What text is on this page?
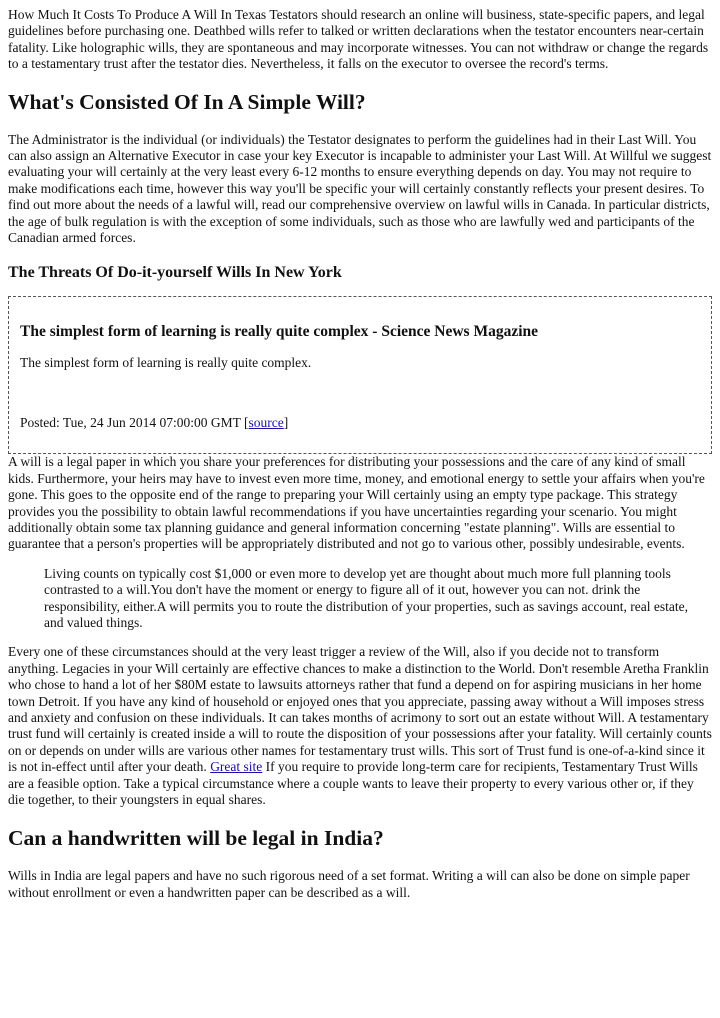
How Much It Costs To Produce A Will In Texas Testators should research an online will business, state-specific papers, and legal guidelines before purchasing one. Deathbed wills refer to talked or written declarations when the testator encounters near-certain fatality. Like holographic wills, they are spontaneous and may incorporate witnesses. You can not withdraw or change the regards to a testamentary trust after the testator dies. Nevertheless, it falls on the executor to oversee the record's terms.

What's Consisted Of In A Simple Will?

The Administrator is the individual (or individuals) the Testator designates to perform the guidelines had in their Last Will. You can also assign an Alternative Executor in case your key Executor is incapable to administer your Last Will. At Willful we suggest evaluating your will certainly at the very least every 6-12 months to ensure everything depends on day. You may not require to make modifications each time, however this way you'll be specific your will certainly constantly reflects your present desires. To find out more about the needs of a lawful will, read our comprehensive overview on lawful wills in Canada. In particular districts, the age of bulk regulation is with the exception of some individuals, such as those who are lawfully wed and participants of the Canadian armed forces.

The Threats Of Do-it-yourself Wills In New York
The simplest form of learning is really quite complex - Science News Magazine

The simplest form of learning is really quite complex.

Posted: Tue, 24 Jun 2014 07:00:00 GMT [source]

A will is a legal paper in which you share your preferences for distributing your possessions and the care of any kind of small kids. Furthermore, your heirs may have to invest even more time, money, and emotional energy to settle your affairs when you're gone. This goes to the opposite end of the range to preparing your Will certainly using an empty type package. This strategy provides you the possibility to obtain lawful recommendations if you have uncertainties regarding your scenario. You might additionally obtain some tax planning guidance and general information concerning "estate planning". Wills are essential to guarantee that a person's properties will be appropriately distributed and not go to various other, possibly undesirable, events.

Living counts on typically cost $1,000 or even more to develop yet are thought about much more full planning tools contrasted to a will.You don't have the moment or energy to figure all of it out, however you can not. drink the responsibility, either.A will permits you to route the distribution of your properties, such as savings account, real estate, and valued things.

Every one of these circumstances should at the very least trigger a review of the Will, also if you decide not to transform anything. Legacies in your Will certainly are effective chances to make a distinction to the World. Don't resemble Aretha Franklin who chose to hand a lot of her $80M estate to lawsuits attorneys rather that fund a depend on for aspiring musicians in her home town Detroit. If you have any kind of household or enjoyed ones that you appreciate, passing away without a Will imposes stress and anxiety and confusion on these individuals. It can takes months of acrimony to sort out an estate without Will. A testamentary trust fund will certainly is created inside a will to route the disposition of your possessions after your fatality. Will certainly counts on or depends on under wills are various other names for testamentary trust wills. This sort of Trust fund is one-of-a-kind since it is not in-effect until after your death. Great site If you require to provide long-term care for recipients, Testamentary Trust Wills are a feasible option. Take a typical circumstance where a couple wants to leave their property to every various other or, if they die together, to their youngsters in equal shares.

Can a handwritten will be legal in India?

Wills in India are legal papers and have no such rigorous need of a set format. Writing a will can also be done on simple paper without enrollment or even a handwritten paper can be described as a will.
